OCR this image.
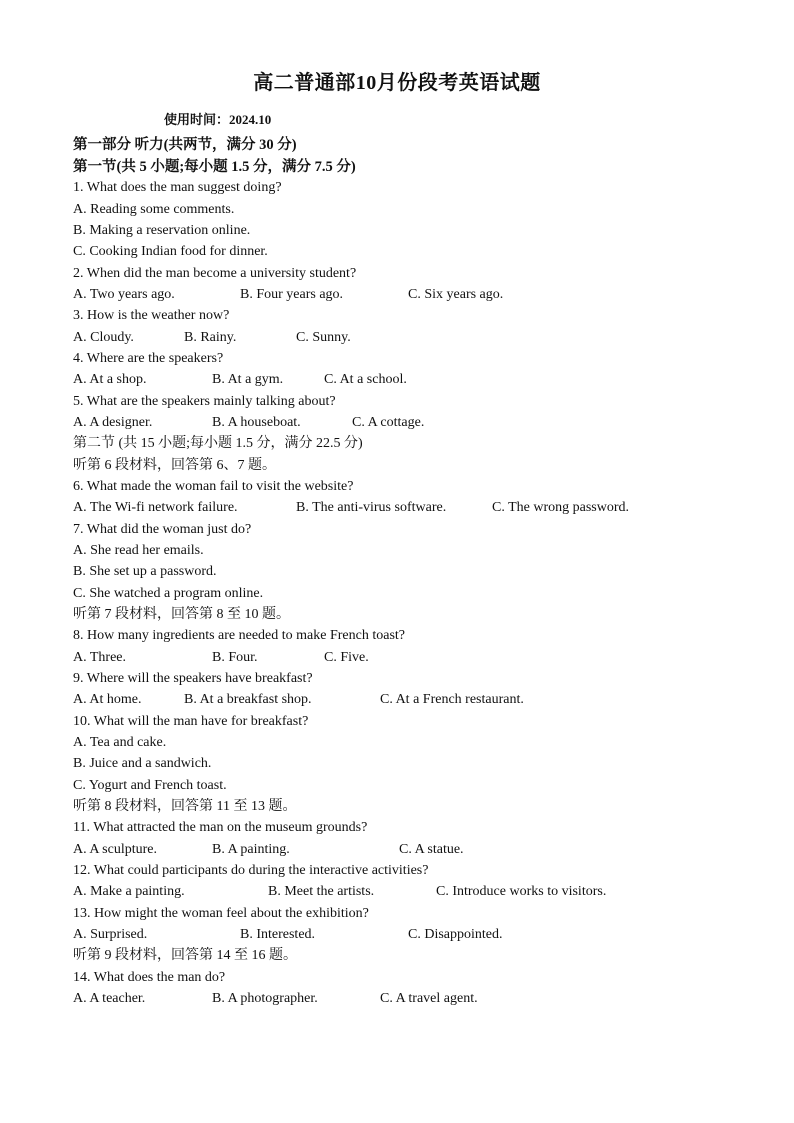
高二普通部10月份段考英语试题
使用时间：2024.10
第一部分 听力(共两节，满分 30 分)
第一节(共 5 小题;每小题 1.5 分，满分 7.5 分)
1. What does the man suggest doing?
A. Reading some comments.
B. Making a reservation online.
C. Cooking Indian food for dinner.
2. When did the man become a university student?
A. Two years ago.	B. Four years ago.	C. Six years ago.
3. How is the weather now?
A. Cloudy.	B. Rainy.	C. Sunny.
4. Where are the speakers?
A. At a shop.	B. At a gym.	C. At a school.
5. What are the speakers mainly talking about?
A. A designer.	B. A houseboat.	C. A cottage.
第二节 (共 15 小题;每小题 1.5 分，满分 22.5 分)
听第 6 段材料，回答第 6、7 题。
6. What made the woman fail to visit the website?
A. The Wi-fi network failure.	B. The anti-virus software.	C. The wrong password.
7. What did the woman just do?
A. She read her emails.
B. She set up a password.
C. She watched a program online.
听第 7 段材料，回答第 8 至 10 题。
8. How many ingredients are needed to make French toast?
A. Three.	B. Four.	C. Five.
9. Where will the speakers have breakfast?
A. At home.	B. At a breakfast shop.	C. At a French restaurant.
10. What will the man have for breakfast?
A. Tea and cake.
B. Juice and a sandwich.
C. Yogurt and French toast.
听第 8 段材料，回答第 11 至 13 题。
11. What attracted the man on the museum grounds?
A. A sculpture.	B. A painting.	C. A statue.
12. What could participants do during the interactive activities?
A. Make a painting.	B. Meet the artists.	C. Introduce works to visitors.
13. How might the woman feel about the exhibition?
A. Surprised.	B. Interested.	C. Disappointed.
听第 9 段材料，回答第 14 至 16 题。
14. What does the man do?
A. A teacher.	B. A photographer.	C. A travel agent.
